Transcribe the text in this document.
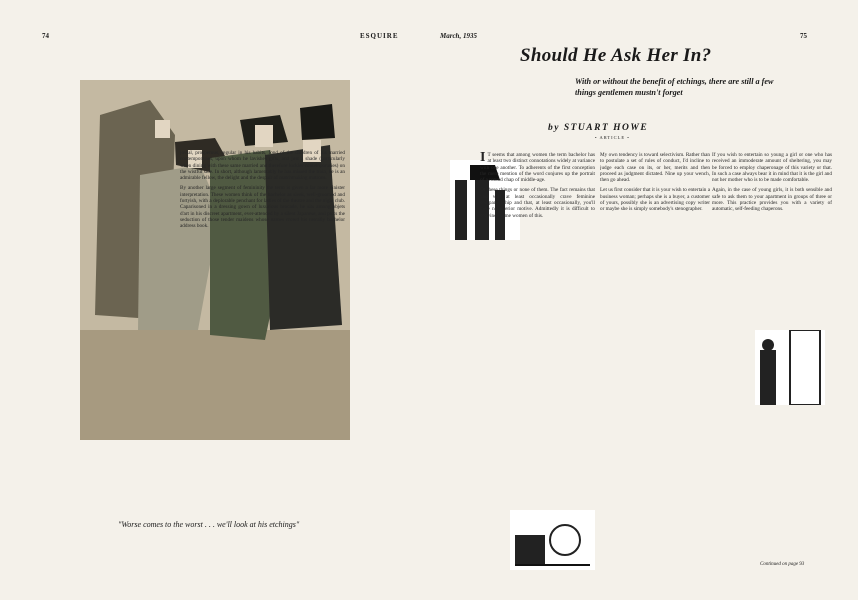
74	ESQUIRE	March, 1935	75
"Worse comes to the worst . . . we'll look at his etchings"

jovial, prosperous, regular in his habits, fond of the children of his married contemporaries, upon whom he lavishes gifts, and just a shade (particularly when dining with these same married and therefore luckier contemporaries) on the wistful side. In short, although lamentably he has missed the train, he is an admirable fellow, the delight and the despair of matchmaking matrons.

By another large segment of femininity the term is given a far more sinister interpretation. These women think of the bachelor as sleek, well-groomed and fortyish, with a deplorable penchant for ladies of the theatre and the night club. Caparisoned in a dressing gown of luxurious brocade, he sits among objets d'art in his discreet apartment, ever-attended by a silent Japanese, and plots the seduction of those tender maidens whose names crowd his rascally bachelor address book.

Should He Ask Her In?
With or without the benefit of etchings, there are still a few things gentlemen mustn't forget
by STUART HOWE
• ARTICLE •

I T seems that among women the term bachelor has at least two distinct connotations widely at variance with one another. To adherents of the first conception the mere mention of the word conjures up the portrait of a rotund chap of middle-age.

Of these things or none of them. The fact remains that you will at least occasionally crave feminine companionship and that, at least occasionally, you'll have no ulterior motive. Admittedly it is difficult to convince some women of this.

My own tendency is toward selectivism. Rather than to postulate a set of rules of conduct, I'd incline to judge each case on its, or her, merits and then proceed as judgment dictated. Nine up your wench, then go ahead.

Let us first consider that it is your wish to entertain a business woman; perhaps she is a buyer, a customer of yours, possibly she is an advertising copy writer or maybe she is simply somebody's stenographer.

If you wish to entertain so young a girl or one who has received an immoderate amount of sheltering, you may be forced to employ chaperonage of this variety or that. In such a case always bear it in mind that it is the girl and not her mother who is to be made comfortable.

Again, in the case of young girls, it is both sensible and safe to ask them to your apartment in groups of three or more. This practice provides you with a variety of automatic, self-feeding chaperons.

Continued on page 93
